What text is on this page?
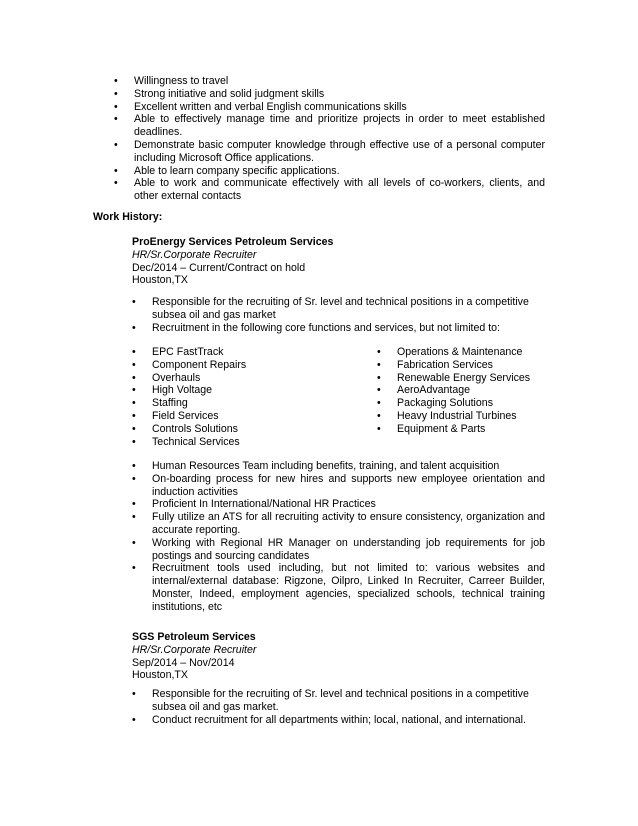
• Willingness to travel
• Strong initiative and solid judgment skills
• Excellent written and verbal English communications skills
• Able to effectively manage time and prioritize projects in order to meet established deadlines.
• Demonstrate basic computer knowledge through effective use of a personal computer including Microsoft Office applications.
• Able to learn company specific applications.
• Able to work and communicate effectively with all levels of co-workers, clients, and other external contacts
Work History:
ProEnergy Services Petroleum Services
HR/Sr.Corporate Recruiter
Dec/2014 – Current/Contract on hold
Houston,TX
• Responsible for the recruiting of Sr. level and technical positions in a competitive subsea oil and gas market
• Recruitment in the following core functions and services, but not limited to:
• EPC FastTrack
• Component Repairs
• Overhauls
• High Voltage
• Staffing
• Field Services
• Controls Solutions
• Technical Services
• Operations & Maintenance
• Fabrication Services
• Renewable Energy Services
• AeroAdvantage
• Packaging Solutions
• Heavy Industrial Turbines
• Equipment & Parts
• Human Resources Team including benefits, training, and talent acquisition
• On-boarding process for new hires and supports new employee orientation and induction activities
• Proficient In International/National HR Practices
• Fully utilize an ATS for all recruiting activity to ensure consistency, organization and accurate reporting.
• Working with Regional HR Manager on understanding job requirements for job postings and sourcing candidates
• Recruitment tools used including, but not limited to: various websites and internal/external database: Rigzone, Oilpro, Linked In Recruiter, Carreer Builder, Monster, Indeed, employment agencies, specialized schools, technical training institutions, etc
SGS Petroleum Services
HR/Sr.Corporate Recruiter
Sep/2014 – Nov/2014
Houston,TX
• Responsible for the recruiting of Sr. level and technical positions in a competitive subsea oil and gas market.
• Conduct recruitment for all departments within; local, national, and international.
